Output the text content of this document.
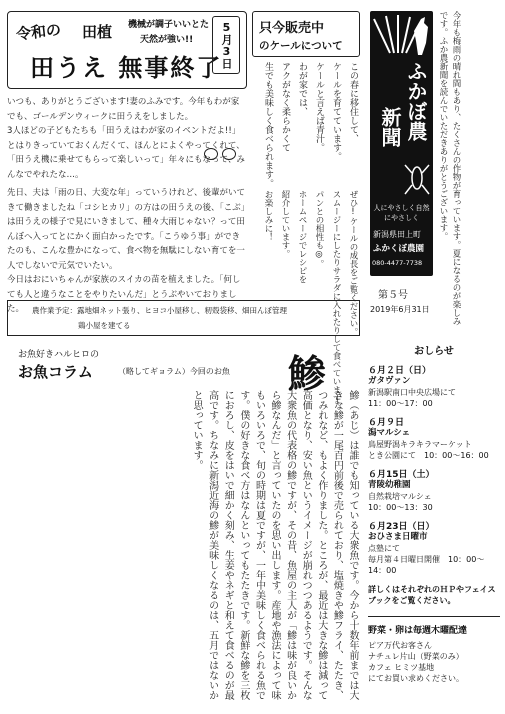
令和の 田植 機械が調子いいとた
天然が強い!!
田うえ 無事終了
5月3日

いつも、ありがとうございます!妻のふみです。今年もわが家でも、ゴールデンウィークに田うえをしました。

3人ほどの子どもたちも「田うえはわが家のイベントだよ!!」とはりきっていておくんだくて、ほんとによくやってくれて、「田うえ機に乗せてもらって楽しいって」年々にもなって、みんなでやれたな…。

先日、夫は「雨の日、大変な年」っていうけれど、後輩がいてきて働きましたね「コシヒカリ」の方はの田うえの後、「こぶ」は田うえの様子で見にいきまして、種々大雨じゃない？って田んぼへ入ってとにかく面白かったです。「こうゆう事」ができたのも、こんな豊かになって、食べ物を無駄にしない育てを一人でしないで元気でいたい。

今日はおにいちゃんが家族のスイカの苗を植えました。「何しても人と違うなことをやりたいんだ」とうぶやいておりました。

只今販売中
のケールについて
この春に移住して、
ケールを育てています。
ケールと言えば青汁。
わが家では、
アクがなく柔らかくて
生でも美味しく食べられます。
ぜひ!ケールの成長をご覧ください。
スムージーにしたりサラダに入れたりして食べています。
パンとの相性も◎。
ホームページでレシピを
紹介しています。
お楽しみに！
農作業予定：露地畑ネット張り、ヒヨコ小屋移し、籾殻袋移、畑田んぼ管理
鶏小屋を建てる
ふかぼ農
新聞
人にやさしく自然にやさしく
新潟県田上町
ふかくぼ農園
080-4477-7738
第５号
2019年6月31日	今年も梅雨の晴れ間もあり、たくさんの作物が育っています。夏になるのが楽しみです。ふか農新聞を読んでいただきありがとうございます。
お魚好きハルヒロの
お魚コラム	（略してギョラム）今回のお魚 鯵

鯵（あじ）は誰でも知っている大衆魚です。今から十数年前までは大きな鯵が一尾百円前後で売られており、塩焼きや鯵フライ、たたき、つみれなど、もよく作りました。ところが、最近は大きな鯵は減って高価となり、安い魚というイメージが崩れつつあるようです。そんな大衆魚の代表格の鯵ですが、その昔、魚屋の主人が「鯵は味が良いから鯵なんだ」と言っていたのを思い出します。産地や漁法によって味もいろいろで、旬の時期は夏ですが、一年中美味しく食べられる魚です。僕の好きな食べ方はなんといってもたたきです。新鮮な鯵を三枚におろし、皮をはいで細かく刻み、生姜やネギと和えて食べるのが最高です。ちなみに新潟近海の鯵が美味しくなるのは、五月ではないかと思っています。

おしらせ
６月２日（日）
ガタヴァン
新潟駅南口中央広場にて
11：00～17：00
６月９日
潟マルシェ
鳥屋野潟キラキラマーケット
とき公園にて　10：00～16：00
６月15日（土）
青陵幼稚園
自然栽培マルシェ
10：00～13：30
６月23日（日）
おひさま日曜市
点塾にて
毎月第４日曜日開催　10：00～14：00
詳しくはそれぞれのＨＰやフェイスブックをご覧ください。
野菜・卵は毎週木曜配達
ピア万代お客さん
ナチュレ片山（野菜のみ）
カフェ ヒミツ基地
にてお買い求めください。
